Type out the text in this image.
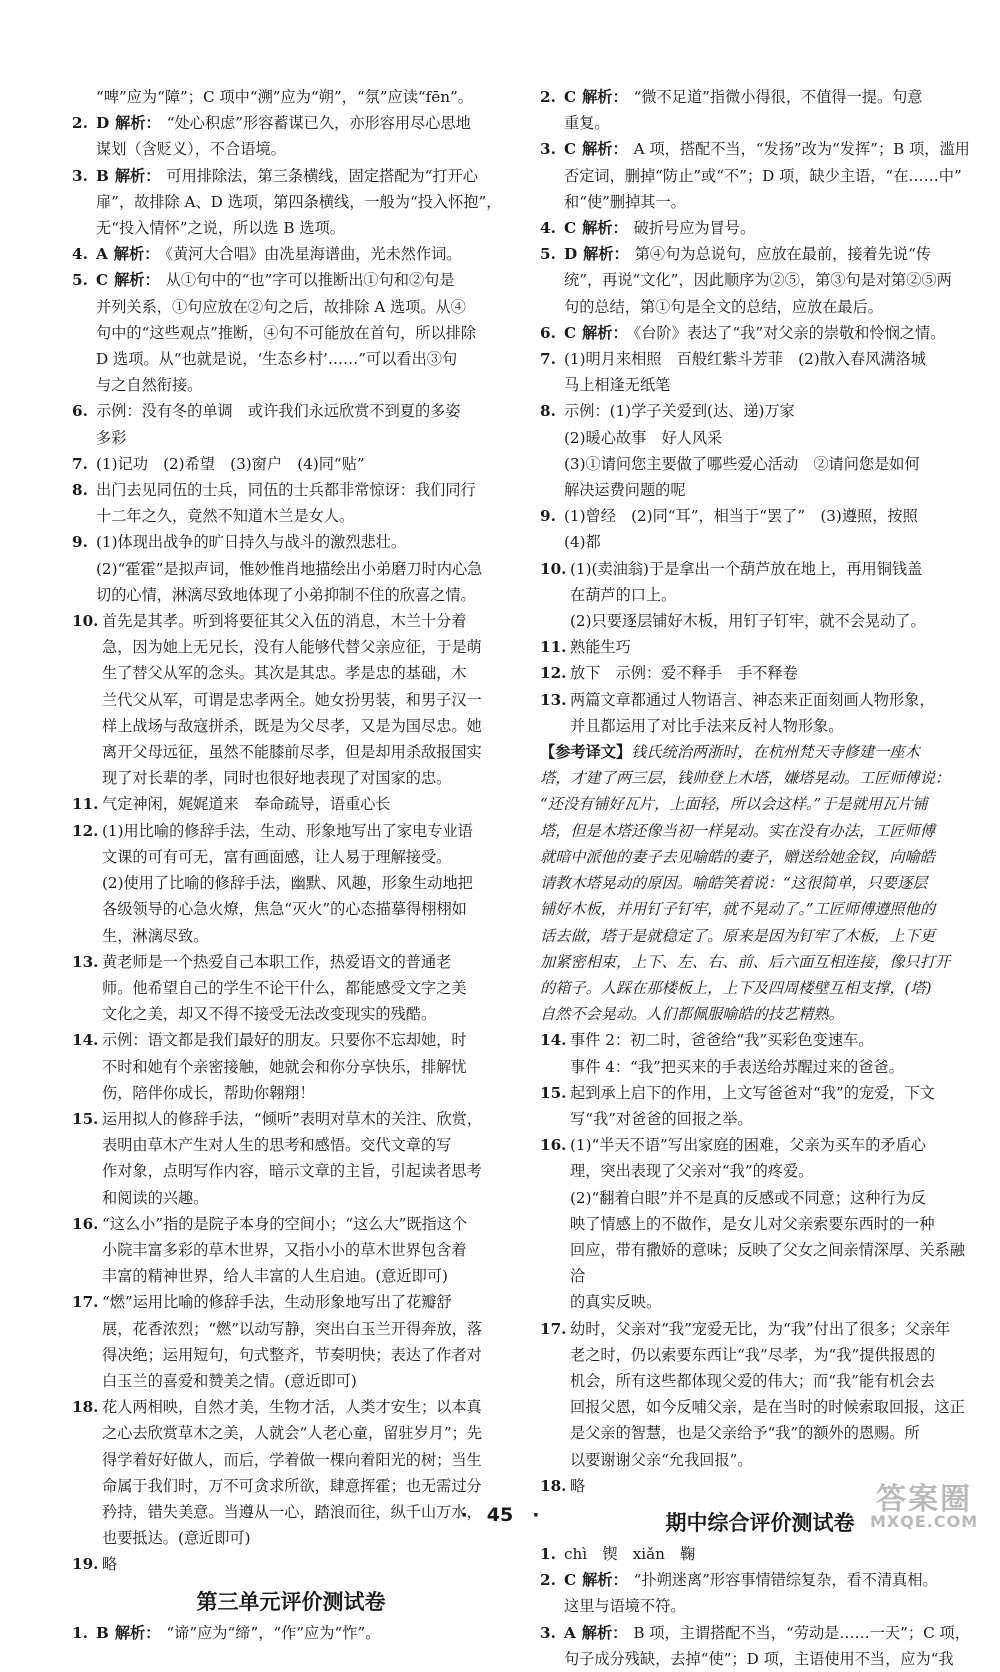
“啤”应为“障”；C 项中“溯”应为“朔”，“氛”应读“fēn”。
2. D 解析： “处心积虑”形容蓄谋已久，亦形容用尽心思地
谋划（含贬义），不合语境。
3. B 解析： 可用排除法，第三条横线，固定搭配为“打开心
扉”，故排除 A、D 选项，第四条横线，一般为“投入怀抱”，
无“投入情怀”之说，所以选 B 选项。
4. A 解析： 《黄河大合唱》由冼星海谱曲，光未然作词。
5. C 解析： 从①句中的“也”字可以推断出①句和②句是
并列关系，①句应放在②句之后，故排除 A 选项。从④
句中的“这些观点”推断，④句不可能放在首句，所以排除
D 选项。从“也就是说，‘生态乡村’……”可以看出③句
与之自然衔接。
6. 示例：没有冬的单调　或许我们永远欣赏不到夏的多姿
多彩
7. (1)记功　(2)希望　(3)窗户　(4)同“贴”
8. 出门去见同伍的士兵，同伍的士兵都非常惊讶：我们同行
十二年之久，竟然不知道木兰是女人。
9. (1)体现出战争的旷日持久与战斗的激烈悲壮。
(2)“霍霍”是拟声词，惟妙惟肖地描绘出小弟磨刀时内心急
切的心情，淋漓尽致地体现了小弟抑制不住的欣喜之情。
10. 首先是其孝。听到将要征其父入伍的消息，木兰十分着
急，因为她上无兄长，没有人能够代替父亲应征，于是萌
生了替父从军的念头。其次是其忠。孝是忠的基础，木
兰代父从军，可谓是忠孝两全。她女扮男装，和男子汉一
样上战场与敌寇拼杀，既是为父尽孝，又是为国尽忠。她
离开父母远征，虽然不能膝前尽孝，但是却用杀敌报国实
现了对长辈的孝，同时也很好地表现了对国家的忠。
11. 气定神闲，娓娓道来　奉命疏导，语重心长
12. (1)用比喻的修辞手法，生动、形象地写出了家电专业语
文课的可有可无，富有画面感，让人易于理解接受。
(2)使用了比喻的修辞手法，幽默、风趣，形象生动地把
各级领导的心急火燎，焦急“灭火”的心态描摹得栩栩如
生，淋漓尽致。
13. 黄老师是一个热爱自己本职工作，热爱语文的普通老
师。他希望自己的学生不论干什么，都能感受文字之美
文化之美，却又不得不接受无法改变现实的残酷。
14. 示例：语文都是我们最好的朋友。只要你不忘却她，时
不时和她有个亲密接触，她就会和你分享快乐，排解忧
伤，陪伴你成长，帮助你翱翔！
15. 运用拟人的修辞手法，“倾听”表明对草木的关注、欣赏，
表明由草木产生对人生的思考和感悟。交代文章的写
作对象，点明写作内容，暗示文章的主旨，引起读者思考
和阅读的兴趣。
16. “这么小”指的是院子本身的空间小；“这么大”既指这个
小院丰富多彩的草木世界，又指小小的草木世界包含着
丰富的精神世界，给人丰富的人生启迪。(意近即可)
17. “燃”运用比喻的修辞手法，生动形象地写出了花瓣舒
展，花香浓烈；“燃”以动写静，突出白玉兰开得奔放，落
得决绝；运用短句，句式整齐，节奏明快；表达了作者对
白玉兰的喜爱和赞美之情。(意近即可)
18. 花人两相映，自然才美，生物才活，人类才安生；以本真
之心去欣赏草木之美，人就会“人老心童，留驻岁月”；先
得学着好好做人，而后，学着做一棵向着阳光的树；当生
命属于我们时，万不可贪求所欲，肆意挥霍；也无需过分
矜持，错失美意。当遵从一心，踏浪而往，纵千山万水，
也要抵达。(意近即可)
19. 略
第三单元评价测试卷
1. B 解析： “谛”应为“缔”，“作”应为“怍”。
2. C 解析： “微不足道”指微小得很，不值得一提。句意
重复。
3. C 解析： A 项，搭配不当，“发扬”改为“发挥”；B 项，滥用
否定词，删掉“防止”或“不”；D 项，缺少主语，“在……中”
和“使”删掉其一。
4. C 解析： 破折号应为冒号。
5. D 解析： 第④句为总说句，应放在最前，接着先说“传
统”，再说“文化”，因此顺序为②⑤，第③句是对第②⑤两
句的总结，第①句是全文的总结，应放在最后。
6. C 解析： 《台阶》表达了“我”对父亲的崇敬和怜悯之情。
7. (1)明月来相照　百般红紫斗芳菲　(2)散入春风满洛城
马上相逢无纸笔
8. 示例：(1)学子关爱到(达、递)万家
(2)暖心故事　好人风采
(3)①请问您主要做了哪些爱心活动　②请问您是如何
解决运费问题的呢
9. (1)曾经　(2)同“耳”，相当于“罢了”　(3)遵照，按照
(4)都
10. (1)(卖油翁)于是拿出一个葫芦放在地上，再用铜钱盖
在葫芦的口上。
(2)只要逐层铺好木板，用钉子钉牢，就不会晃动了。
11. 熟能生巧
12. 放下　示例：爱不释手　手不释卷
13. 两篇文章都通过人物语言、神态来正面刻画人物形象，
并且都运用了对比手法来反衬人物形象。
【参考译文】钱氏统治两浙时，在杭州梵天寺修建一座木
塔，才建了两三层，钱帅登上木塔，嫌塔晃动。工匠师傅说：
“还没有铺好瓦片，上面轻，所以会这样。”于是就用瓦片铺
塔，但是木塔还像当初一样晃动。实在没有办法，工匠师傅
就暗中派他的妻子去见喻皓的妻子，赠送给她金钗，向喻皓
请教木塔晃动的原因。喻皓笑着说：“这很简单，只要逐层
铺好木板，并用钉子钉牢，就不晃动了。”工匠师傅遵照他的
话去做，塔于是就稳定了。原来是因为钉牢了木板，上下更
加紧密相束，上下、左、右、前、后六面互相连接，像只打开
的箱子。人踩在那楼板上，上下及四周楼壁互相支撑，(塔)
自然不会晃动。人们都佩服喻皓的技艺精熟。
14. 事件 2：初二时，爸爸给“我”买彩色变速车。
事件 4：“我”把买来的手表送给苏醒过来的爸爸。
15. 起到承上启下的作用，上文写爸爸对“我”的宠爱，下文
写“我”对爸爸的回报之举。
16. (1)“半天不语”写出家庭的困难，父亲为买车的矛盾心
理，突出表现了父亲对“我”的疼爱。
(2)“翻着白眼”并不是真的反感或不同意；这种行为反
映了情感上的不做作，是女儿对父亲索要东西时的一种
回应，带有撒娇的意味；反映了父女之间亲情深厚、关系融洽
的真实反映。
17. 幼时，父亲对“我”宠爱无比，为“我”付出了很多；父亲年
老之时，仍以索要东西让“我”尽孝，为“我”提供报恩的
机会，所有这些都体现父爱的伟大；而“我”能有机会去
回报父恩，如今反哺父亲，是在当时的时候索取回报，这正
是父亲的智慧，也是父亲给予“我”的额外的恩赐。所
以要谢谢父亲“允我回报”。
18. 略
期中综合评价测试卷
1. chì　锲　xiǎn　鞠
2. C 解析： “扑朔迷离”形容事情错综复杂，看不清真相。
这里与语境不符。
3. A 解析： B 项，主谓搭配不当，“劳动是……一天”；C 项，
句子成分残缺，去掉“使”；D 项，主语使用不当，应为“我
·　45　·	答案圈
MXQE.COM
